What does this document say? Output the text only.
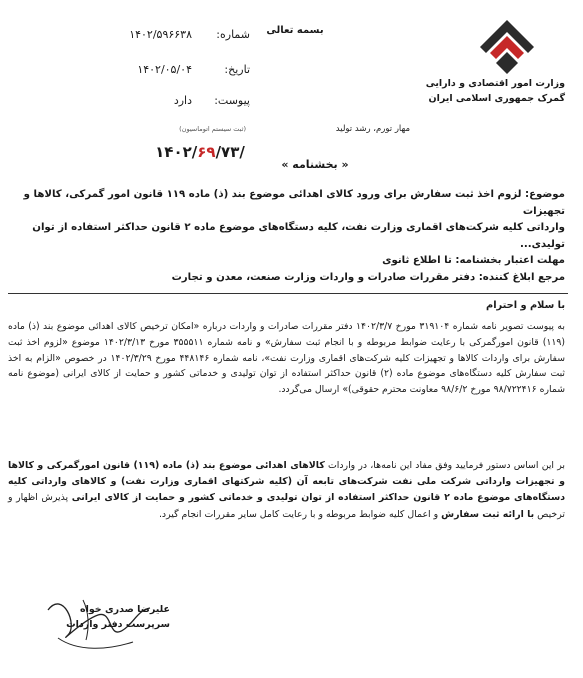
بسمه تعالی
وزارت امور اقتصادی و دارایی
گمرک جمهوری اسلامی ایران
شماره:
۱۴۰۲/۵۹۶۶۳۸
تاریخ:
۱۴۰۲/۰۵/۰۴
پیوست:
دارد
(ثبت سیستم اتوماسیون)	مهار تورم، رشد تولید
۱۴۰۲/۶۹/۷۳/
« بخشنامه »
موضوع: لزوم اخذ ثبت سفارش برای ورود کالای اهدائی موضوع بند (ذ) ماده ۱۱۹ قانون امور گمرکی، کالاها و تجهیزات
وارداتی کلیه شرکت‌های اقماری وزارت نفت، کلیه دستگاه‌های موضوع ماده ۲ قانون حداکثر استفاده از توان تولیدی...
مهلت اعتبار بخشنامه: تا اطلاع ثانوی
مرجع ابلاغ کننده: دفتر مقررات صادرات و واردات وزارت صنعت، معدن و تجارت
با سلام و احترام
به پیوست تصویر نامه شماره ۳۱۹۱۰۴ مورخ ۱۴۰۲/۳/۷ دفتر مقررات صادرات و واردات درباره «امکان ترخیص کالای اهدائی موضوع بند (ذ) ماده (۱۱۹) قانون امورگمرکی با رعایت ضوابط مربوطه و با انجام ثبت سفارش» و نامه شماره ۳۵۵۵۱۱ مورخ ۱۴۰۲/۳/۱۳ موضوع «لزوم اخذ ثبت سفارش برای واردات کالاها و تجهیزات کلیه شرکت‌های اقماری وزارت نفت»، نامه شماره ۴۴۸۱۴۶ مورخ ۱۴۰۲/۳/۲۹ در خصوص «الزام به اخذ ثبت سفارش کلیه دستگاه‌های موضوع ماده (۲) قانون حداکثر استفاده از توان تولیدی و خدماتی کشور و حمایت از کالای ایرانی (موضوع نامه شماره ۹۸/۷۲۲۴۱۶ مورخ ۹۸/۶/۲ معاونت محترم حقوقی)» ارسال می‌گردد.
بر این اساس دستور فرمایید وفق مفاد این نامه‌ها، در واردات کالاهای اهدائی موضوع بند (ذ) ماده (۱۱۹) قانون امورگمرکی و کالاها و تجهیزات وارداتی شرکت ملی نفت شرکت‌های تابعه آن (کلیه شرکتهای اقماری وزارت نفت) و کالاهای وارداتی کلیه دستگاه‌های موضوع ماده ۲ قانون حداکثر استفاده از توان تولیدی و خدماتی کشور و حمایت از کالای ایرانی پذیرش اظهار و ترخیص با ارائه ثبت سفارش و اعمال کلیه ضوابط مربوطه و با رعایت کامل سایر مقررات انجام گیرد.
علیرضا صدری خواه
سرپرست دفتر واردات
